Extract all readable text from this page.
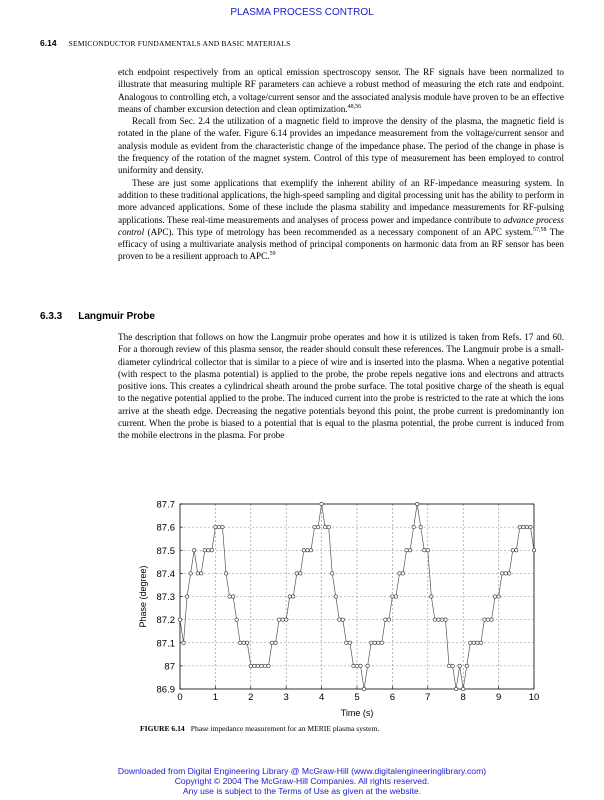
PLASMA PROCESS CONTROL
6.14 SEMICONDUCTOR FUNDAMENTALS AND BASIC MATERIALS

etch endpoint respectively from an optical emission spectroscopy sensor. The RF signals have been normalized to illustrate that measuring multiple RF parameters can achieve a robust method of measuring the etch rate and endpoint. Analogous to controlling etch, a voltage/current sensor and the associated analysis module have proven to be an effective means of chamber excursion detection and clean optimization.$^{48,56}$

Recall from Sec. 2.4 the utilization of a magnetic field to improve the density of the plasma, the magnetic field is rotated in the plane of the wafer. Figure 6.14 provides an impedance measurement from the voltage/current sensor and analysis module as evident from the characteristic change of the impedance phase. The period of the change in phase is the frequency of the rotation of the magnet system. Control of this type of measurement has been employed to control uniformity and density.

These are just some applications that exemplify the inherent ability of an RF-impedance measuring system. In addition to these traditional applications, the high-speed sampling and digital processing unit has the ability to perform in more advanced applications. Some of these include the plasma stability and impedance measurements for RF-pulsing applications. These real-time measurements and analyses of process power and impedance contribute to advance process control (APC). This type of metrology has been recommended as a necessary component of an APC system.$^{57,58}$ The efficacy of using a multivariate analysis method of principal components on harmonic data from an RF sensor has been proven to be a resilient approach to APC.$^{59}$

6.3.3 Langmuir Probe

The description that follows on how the Langmuir probe operates and how it is utilized is taken from Refs. 17 and 60. For a thorough review of this plasma sensor, the reader should consult these references. The Langmuir probe is a small-diameter cylindrical collector that is similar to a piece of wire and is inserted into the plasma. When a negative potential (with respect to the plasma potential) is applied to the probe, the probe repels negative ions and electrons and attracts positive ions. This creates a cylindrical sheath around the probe surface. The total positive charge of the sheath is equal to the negative potential applied to the probe. The induced current into the probe is restricted to the rate at which the ions arrive at the sheath edge. Decreasing the negative potentials beyond this point, the probe current is predominantly ion current. When the probe is biased to a potential that is equal to the plasma potential, the probe current is induced from the mobile electrons in the plasma. For probe

86.9
87
87.1
87.2
87.3
87.4
87.5
87.6
87.7
0	1	2	3	4	5	6	7	8	9	10
Time (s)
Phase (degree)
FIGURE 6.14 Phase impedance measurement for an MERIE plasma system.
Downloaded from Digital Engineering Library @ McGraw-Hill (www.digitalengineeringlibrary.com)
Copyright © 2004 The McGraw-Hill Companies. All rights reserved.
Any use is subject to the Terms of Use as given at the website.
